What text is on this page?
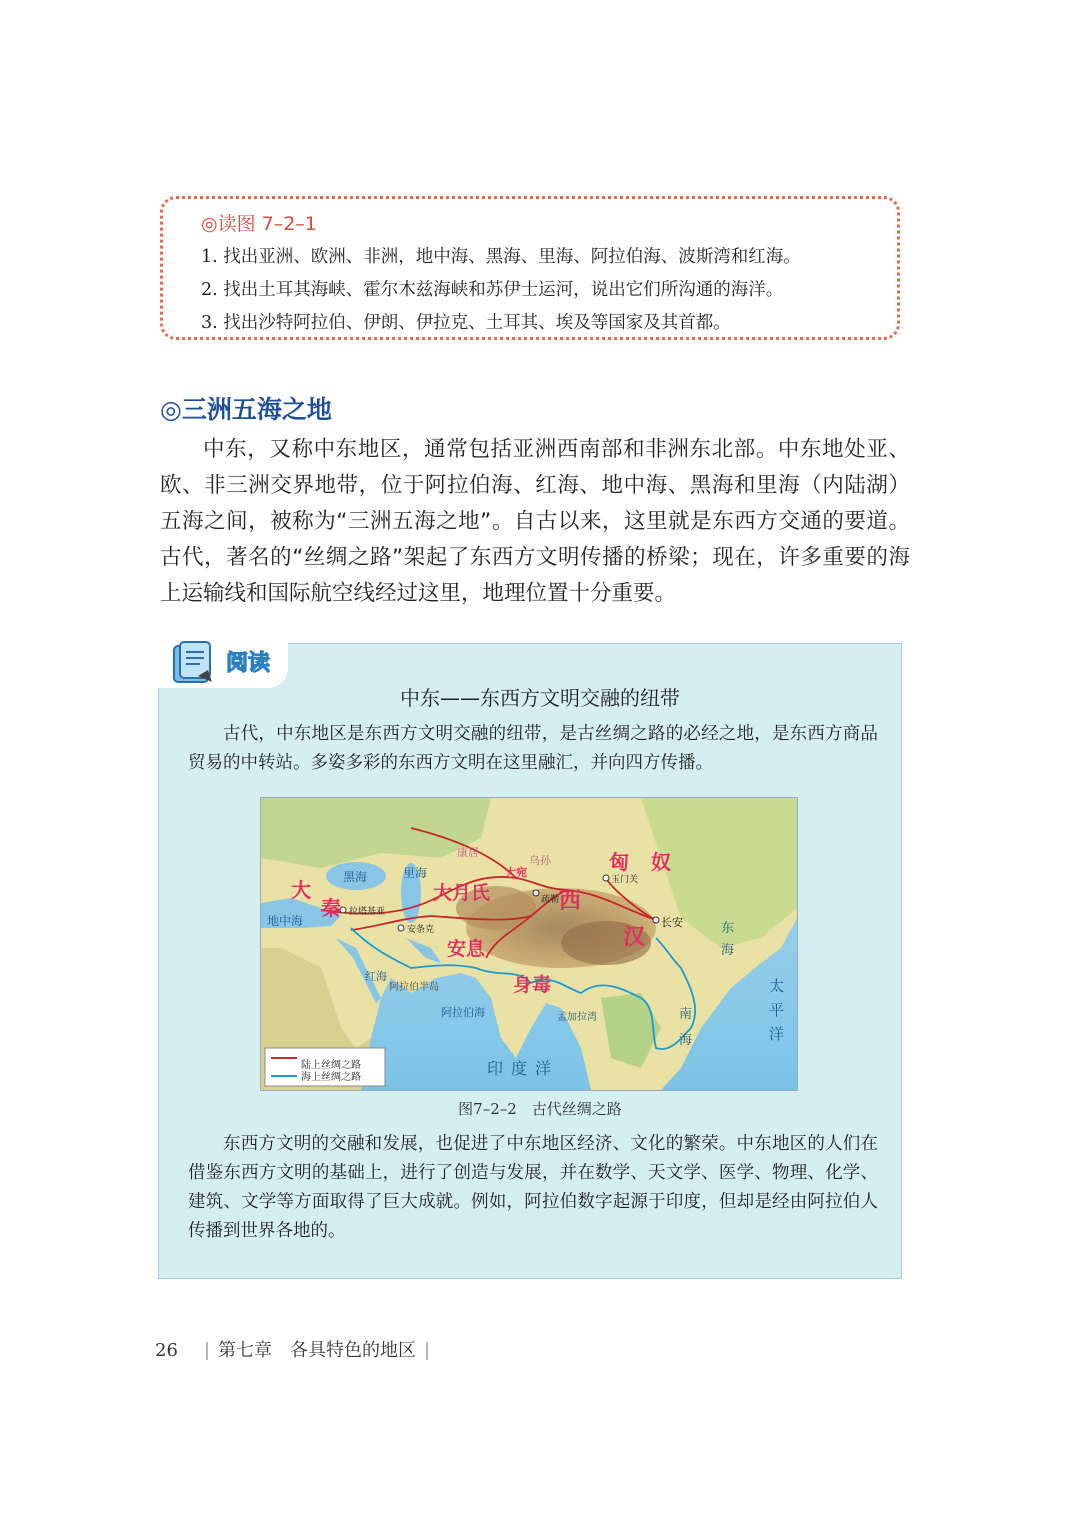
◎读图 7–2–1
1. 找出亚洲、欧洲、非洲，地中海、黑海、里海、阿拉伯海、波斯湾和红海。
2. 找出土耳其海峡、霍尔木兹海峡和苏伊士运河，说出它们所沟通的海洋。
3. 找出沙特阿拉伯、伊朗、伊拉克、土耳其、埃及等国家及其首都。
◎三洲五海之地

中东，又称中东地区，通常包括亚洲西南部和非洲东北部。中东地处亚、欧、非三洲交界地带，位于阿拉伯海、红海、地中海、黑海和里海（内陆湖）五海之间，被称为“三洲五海之地”。自古以来，这里就是东西方交通的要道。古代，著名的“丝绸之路”架起了东西方文明传播的桥梁；现在，许多重要的海上运输线和国际航空线经过这里，地理位置十分重要。

阅读
中东——东西方文明交融的纽带

古代，中东地区是东西方文明交融的纽带，是古丝绸之路的必经之地，是东西方商品贸易的中转站。多姿多彩的东西方文明在这里融汇，并向四方传播。

陆上丝绸之路
海上丝绸之路
大
秦
大月氏	西
汉
匈 奴
安息
身毒
大宛
康居
乌孙
黑海	里海
地中海
红海
阿拉伯海
阿拉伯半岛
孟加拉湾
印度洋
太平洋
南海
东海
长安
玉门关
拉塔基亚
安条克
疏勒
图7–2–2　古代丝绸之路

东西方文明的交融和发展，也促进了中东地区经济、文化的繁荣。中东地区的人们在借鉴东西方文明的基础上，进行了创造与发展，并在数学、天文学、医学、物理、化学、建筑、文学等方面取得了巨大成就。例如，阿拉伯数字起源于印度，但却是经由阿拉伯人传播到世界各地的。

26 | 第七章　各具特色的地区 |
